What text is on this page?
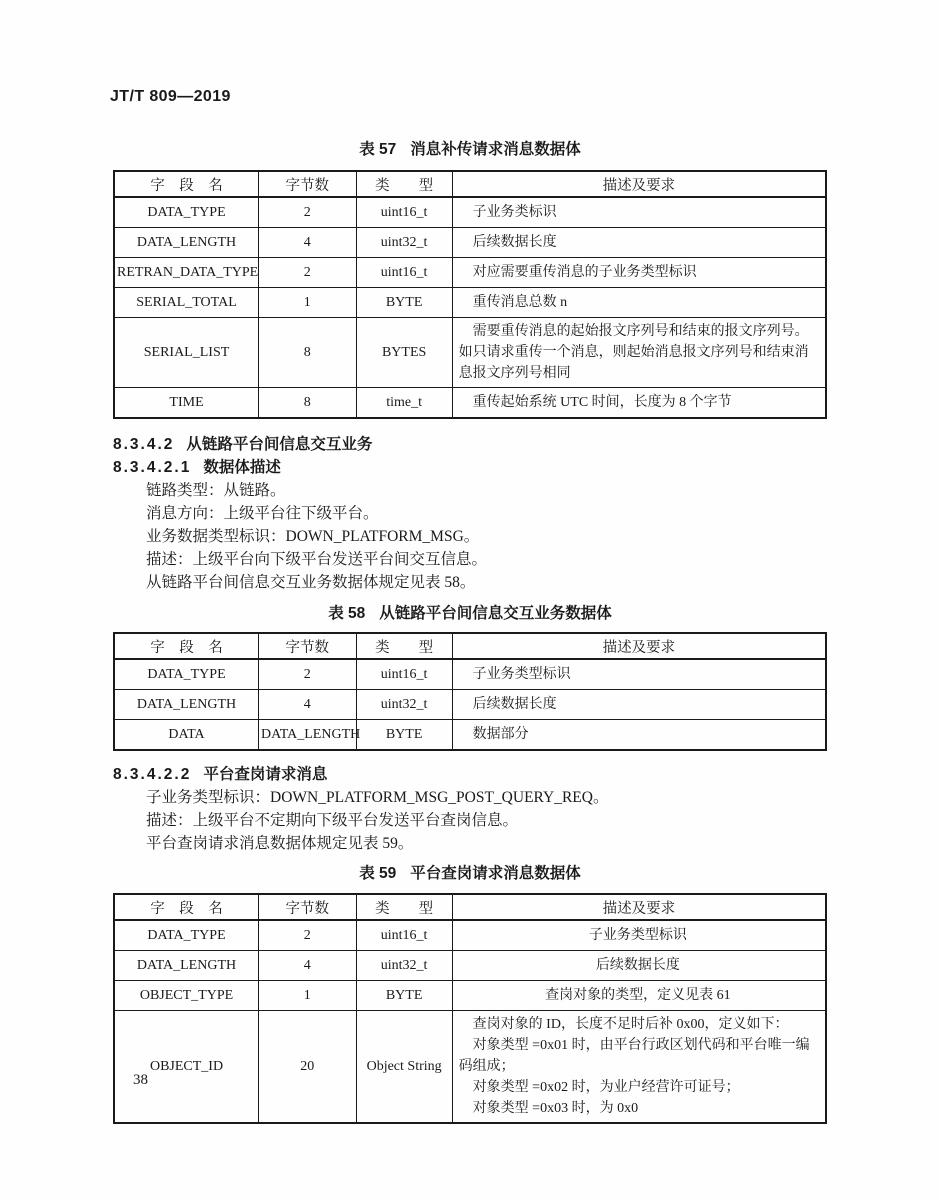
JT/T 809—2019
表 57 消息补传请求消息数据体
字　段　名	字节数	类　　型	描述及要求
DATA_TYPE	2	uint16_t	子业务类标识

DATA_LENGTH	4	uint32_t	后续数据长度

RETRAN_DATA_TYPE	2	uint16_t	对应需要重传消息的子业务类型标识

SERIAL_TOTAL	1	BYTE	重传消息总数 n

SERIAL_LIST	8	BYTES	需要重传消息的起始报文序列号和结束的报文序列号。如只请求重传一个消息，则起始消息报文序列号和结束消息报文序列号相同

TIME	8	time_t	重传起始系统 UTC 时间，长度为 8 个字节

8.3.4.2 从链路平台间信息交互业务
8.3.4.2.1 数据体描述

链路类型：从链路。

消息方向：上级平台往下级平台。

业务数据类型标识：DOWN_PLATFORM_MSG。

描述：上级平台向下级平台发送平台间交互信息。

从链路平台间信息交互业务数据体规定见表 58。

表 58 从链路平台间信息交互业务数据体
字　段　名	字节数	类　　型	描述及要求
DATA_TYPE	2	uint16_t	子业务类型标识

DATA_LENGTH	4	uint32_t	后续数据长度

DATA	DATA_LENGTH	BYTE	数据部分

8.3.4.2.2 平台查岗请求消息

子业务类型标识：DOWN_PLATFORM_MSG_POST_QUERY_REQ。

描述：上级平台不定期向下级平台发送平台查岗信息。

平台查岗请求消息数据体规定见表 59。

表 59 平台查岗请求消息数据体
字　段　名	字节数	类　　型	描述及要求
DATA_TYPE	2	uint16_t	子业务类型标识

DATA_LENGTH	4	uint32_t	后续数据长度

OBJECT_TYPE	1	BYTE	查岗对象的类型，定义见表 61

OBJECT_ID	20	Object String	查岗对象的 ID，长度不足时后补 0x00，定义如下：

对象类型 =0x01 时，由平台行政区划代码和平台唯一编码组成；

对象类型 =0x02 时，为业户经营许可证号；

对象类型 =0x03 时，为 0x0

38
